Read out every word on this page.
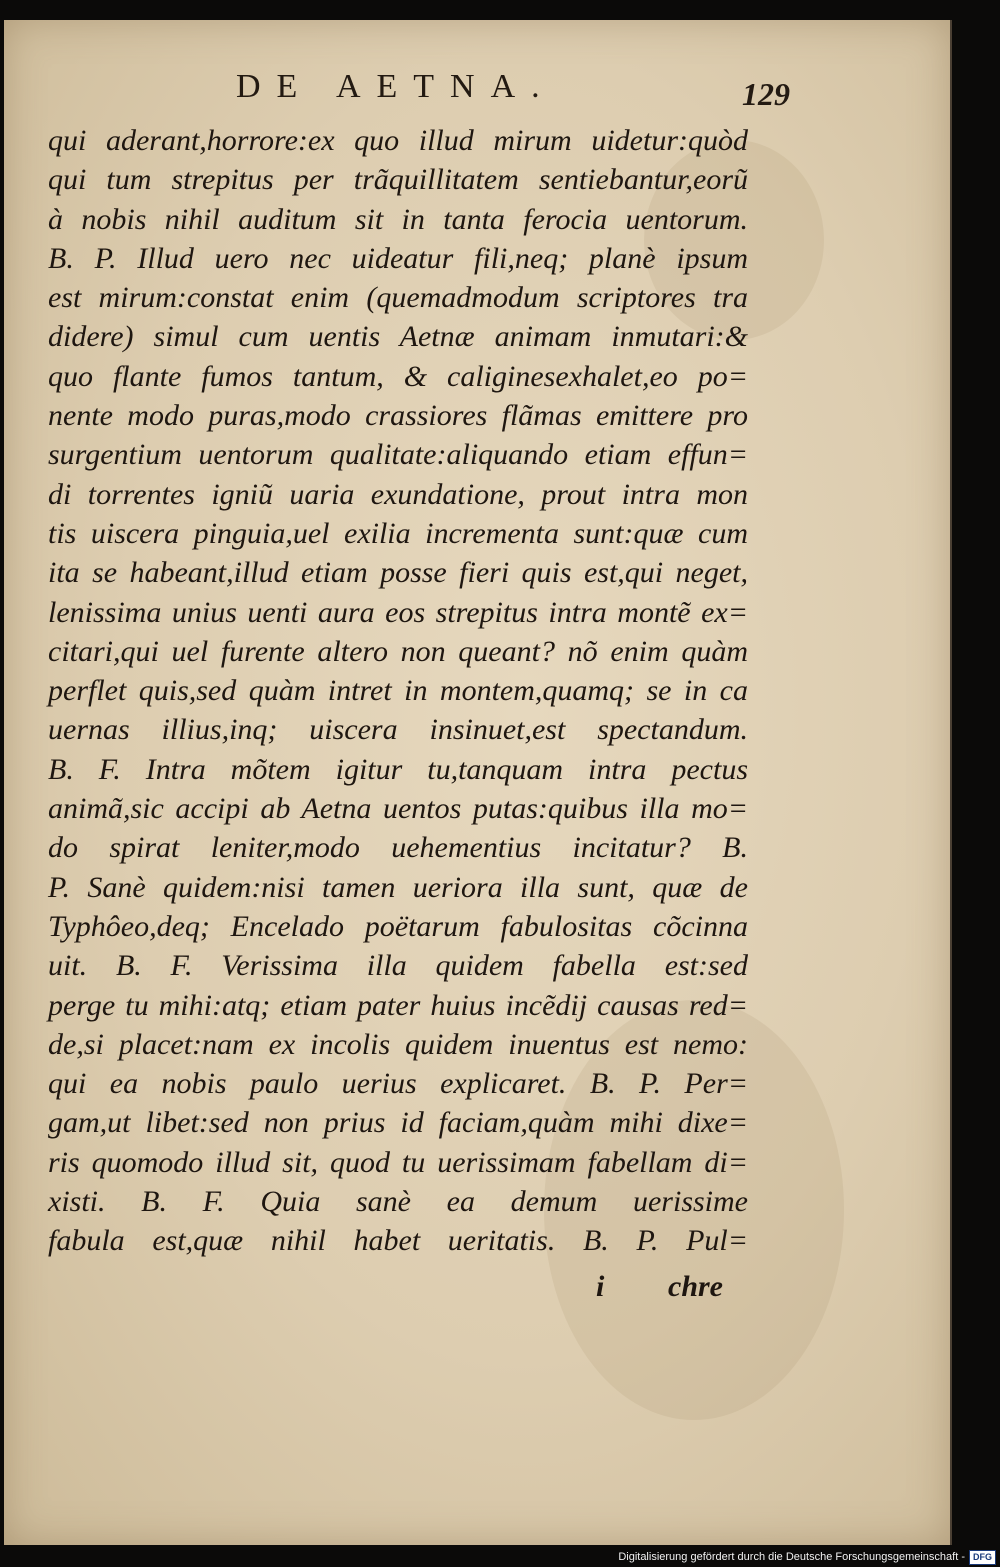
DE AETNA.	129
qui aderant,horrore:ex quo illud mirum uidetur:quòd
qui tum strepitus per trãquillitatem sentiebantur,eorũ
à nobis nihil auditum sit in tanta ferocia uentorum.
B. P. Illud uero nec uideatur fili,neq; planè ipsum
est mirum:constat enim (quemadmodum scriptores tra
didere) simul cum uentis Aetnæ animam inmutari:&
quo flante fumos tantum, & caliginesexhalet,eo po=
nente modo puras,modo crassiores flãmas emittere pro
surgentium uentorum qualitate:aliquando etiam effun=
di torrentes igniũ uaria exundatione, prout intra mon
tis uiscera pinguia,uel exilia incrementa sunt:quæ cum
ita se habeant,illud etiam posse fieri quis est,qui neget,
lenissima unius uenti aura eos strepitus intra montẽ ex=
citari,qui uel furente altero non queant? nõ enim quàm
perflet quis,sed quàm intret in montem,quamq; se in ca
uernas illius,inq; uiscera insinuet,est spectandum.
B. F. Intra mõtem igitur tu,tanquam intra pectus
animã,sic accipi ab Aetna uentos putas:quibus illa mo=
do spirat leniter,modo uehementius incitatur? B.
P. Sanè quidem:nisi tamen ueriora illa sunt, quæ de
Typhôeo,deq; Encelado poëtarum fabulositas cõcinna
uit. B. F. Verissima illa quidem fabella est:sed
perge tu mihi:atq; etiam pater huius incẽdij causas red=
de,si placet:nam ex incolis quidem inuentus est nemo:
qui ea nobis paulo uerius explicaret. B. P. Per=
gam,ut libet:sed non prius id faciam,quàm mihi dixe=
ris quomodo illud sit, quod tu uerissimam fabellam di=
xisti. B. F. Quia sanè ea demum uerissime
fabula est,quæ nihil habet ueritatis. B. P. Pul=
i chre
Digitalisierung gefördert durch die Deutsche Forschungsgemeinschaft - DFG
